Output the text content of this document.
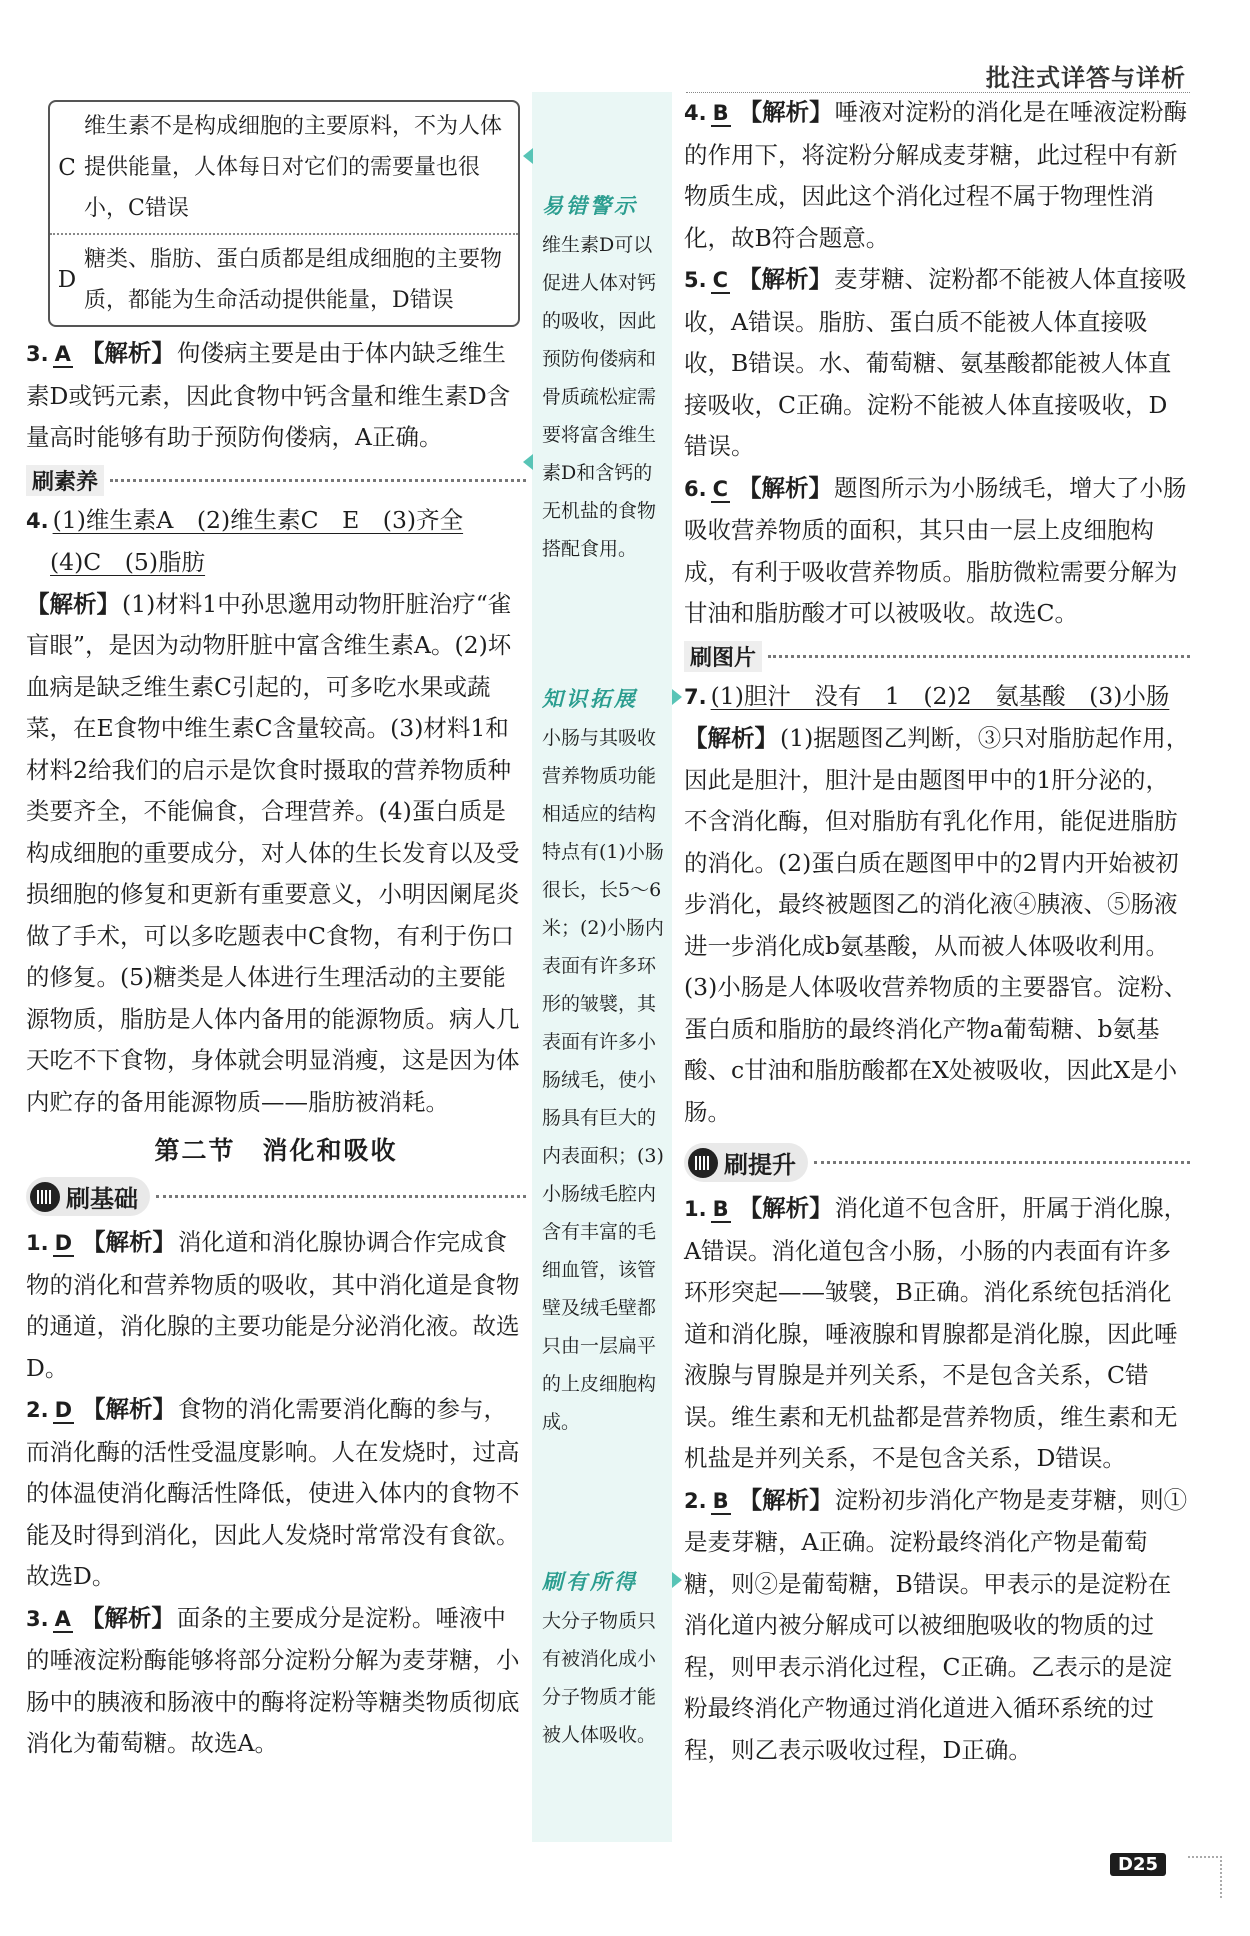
批注式详答与详析
C
维生素不是构成细胞的主要原料，不为人体提供能量，人体每日对它们的需要量也很小，C错误
D
糖类、脂肪、蛋白质都是组成细胞的主要物质，都能为生命活动提供能量，D错误

3. A 【解析】佝偻病主要是由于体内缺乏维生素D或钙元素，因此食物中钙含量和维生素D含量高时能够有助于预防佝偻病，A正确。

刷素养

4. (1)维生素A　(2)维生素C　E　(3)齐全

(4)C　(5)脂肪

【解析】(1)材料1中孙思邈用动物肝脏治疗“雀盲眼”，是因为动物肝脏中富含维生素A。(2)坏血病是缺乏维生素C引起的，可多吃水果或蔬菜，在E食物中维生素C含量较高。(3)材料1和材料2给我们的启示是饮食时摄取的营养物质种类要齐全，不能偏食，合理营养。(4)蛋白质是构成细胞的重要成分，对人体的生长发育以及受损细胞的修复和更新有重要意义，小明因阑尾炎做了手术，可以多吃题表中C食物，有利于伤口的修复。(5)糖类是人体进行生理活动的主要能源物质，脂肪是人体内备用的能源物质。病人几天吃不下食物，身体就会明显消瘦，这是因为体内贮存的备用能源物质——脂肪被消耗。

第二节　消化和吸收
刷基础

1. D 【解析】消化道和消化腺协调合作完成食物的消化和营养物质的吸收，其中消化道是食物的通道，消化腺的主要功能是分泌消化液。故选D。

2. D 【解析】食物的消化需要消化酶的参与，而消化酶的活性受温度影响。人在发烧时，过高的体温使消化酶活性降低，使进入体内的食物不能及时得到消化，因此人发烧时常常没有食欲。故选D。

3. A 【解析】面条的主要成分是淀粉。唾液中的唾液淀粉酶能够将部分淀粉分解为麦芽糖，小肠中的胰液和肠液中的酶将淀粉等糖类物质彻底消化为葡萄糖。故选A。

易错警示
维生素D可以促进人体对钙的吸收，因此预防佝偻病和骨质疏松症需要将富含维生素D和含钙的无机盐的食物搭配食用。
知识拓展
小肠与其吸收营养物质功能相适应的结构特点有(1)小肠很长，长5～6米；(2)小肠内表面有许多环形的皱襞，其表面有许多小肠绒毛，使小肠具有巨大的内表面积；(3)小肠绒毛腔内含有丰富的毛细血管，该管壁及绒毛壁都只由一层扁平的上皮细胞构成。
刷有所得
大分子物质只有被消化成小分子物质才能被人体吸收。

4. B 【解析】唾液对淀粉的消化是在唾液淀粉酶的作用下，将淀粉分解成麦芽糖，此过程中有新物质生成，因此这个消化过程不属于物理性消化，故B符合题意。

5. C 【解析】麦芽糖、淀粉都不能被人体直接吸收，A错误。脂肪、蛋白质不能被人体直接吸收，B错误。水、葡萄糖、氨基酸都能被人体直接吸收，C正确。淀粉不能被人体直接吸收，D错误。

6. C 【解析】题图所示为小肠绒毛，增大了小肠吸收营养物质的面积，其只由一层上皮细胞构成，有利于吸收营养物质。脂肪微粒需要分解为甘油和脂肪酸才可以被吸收。故选C。

刷图片

7. (1)胆汁　没有　1　(2)2　氨基酸　(3)小肠

【解析】(1)据题图乙判断，③只对脂肪起作用，因此是胆汁，胆汁是由题图甲中的1肝分泌的，不含消化酶，但对脂肪有乳化作用，能促进脂肪的消化。(2)蛋白质在题图甲中的2胃内开始被初步消化，最终被题图乙的消化液④胰液、⑤肠液进一步消化成b氨基酸，从而被人体吸收利用。(3)小肠是人体吸收营养物质的主要器官。淀粉、蛋白质和脂肪的最终消化产物a葡萄糖、b氨基酸、c甘油和脂肪酸都在X处被吸收，因此X是小肠。

刷提升

1. B 【解析】消化道不包含肝，肝属于消化腺，A错误。消化道包含小肠，小肠的内表面有许多环形突起——皱襞，B正确。消化系统包括消化道和消化腺，唾液腺和胃腺都是消化腺，因此唾液腺与胃腺是并列关系，不是包含关系，C错误。维生素和无机盐都是营养物质，维生素和无机盐是并列关系，不是包含关系，D错误。

2. B 【解析】淀粉初步消化产物是麦芽糖，则①是麦芽糖，A正确。淀粉最终消化产物是葡萄糖，则②是葡萄糖，B错误。甲表示的是淀粉在消化道内被分解成可以被细胞吸收的物质的过程，则甲表示消化过程，C正确。乙表示的是淀粉最终消化产物通过消化道进入循环系统的过程，则乙表示吸收过程，D正确。

D25
